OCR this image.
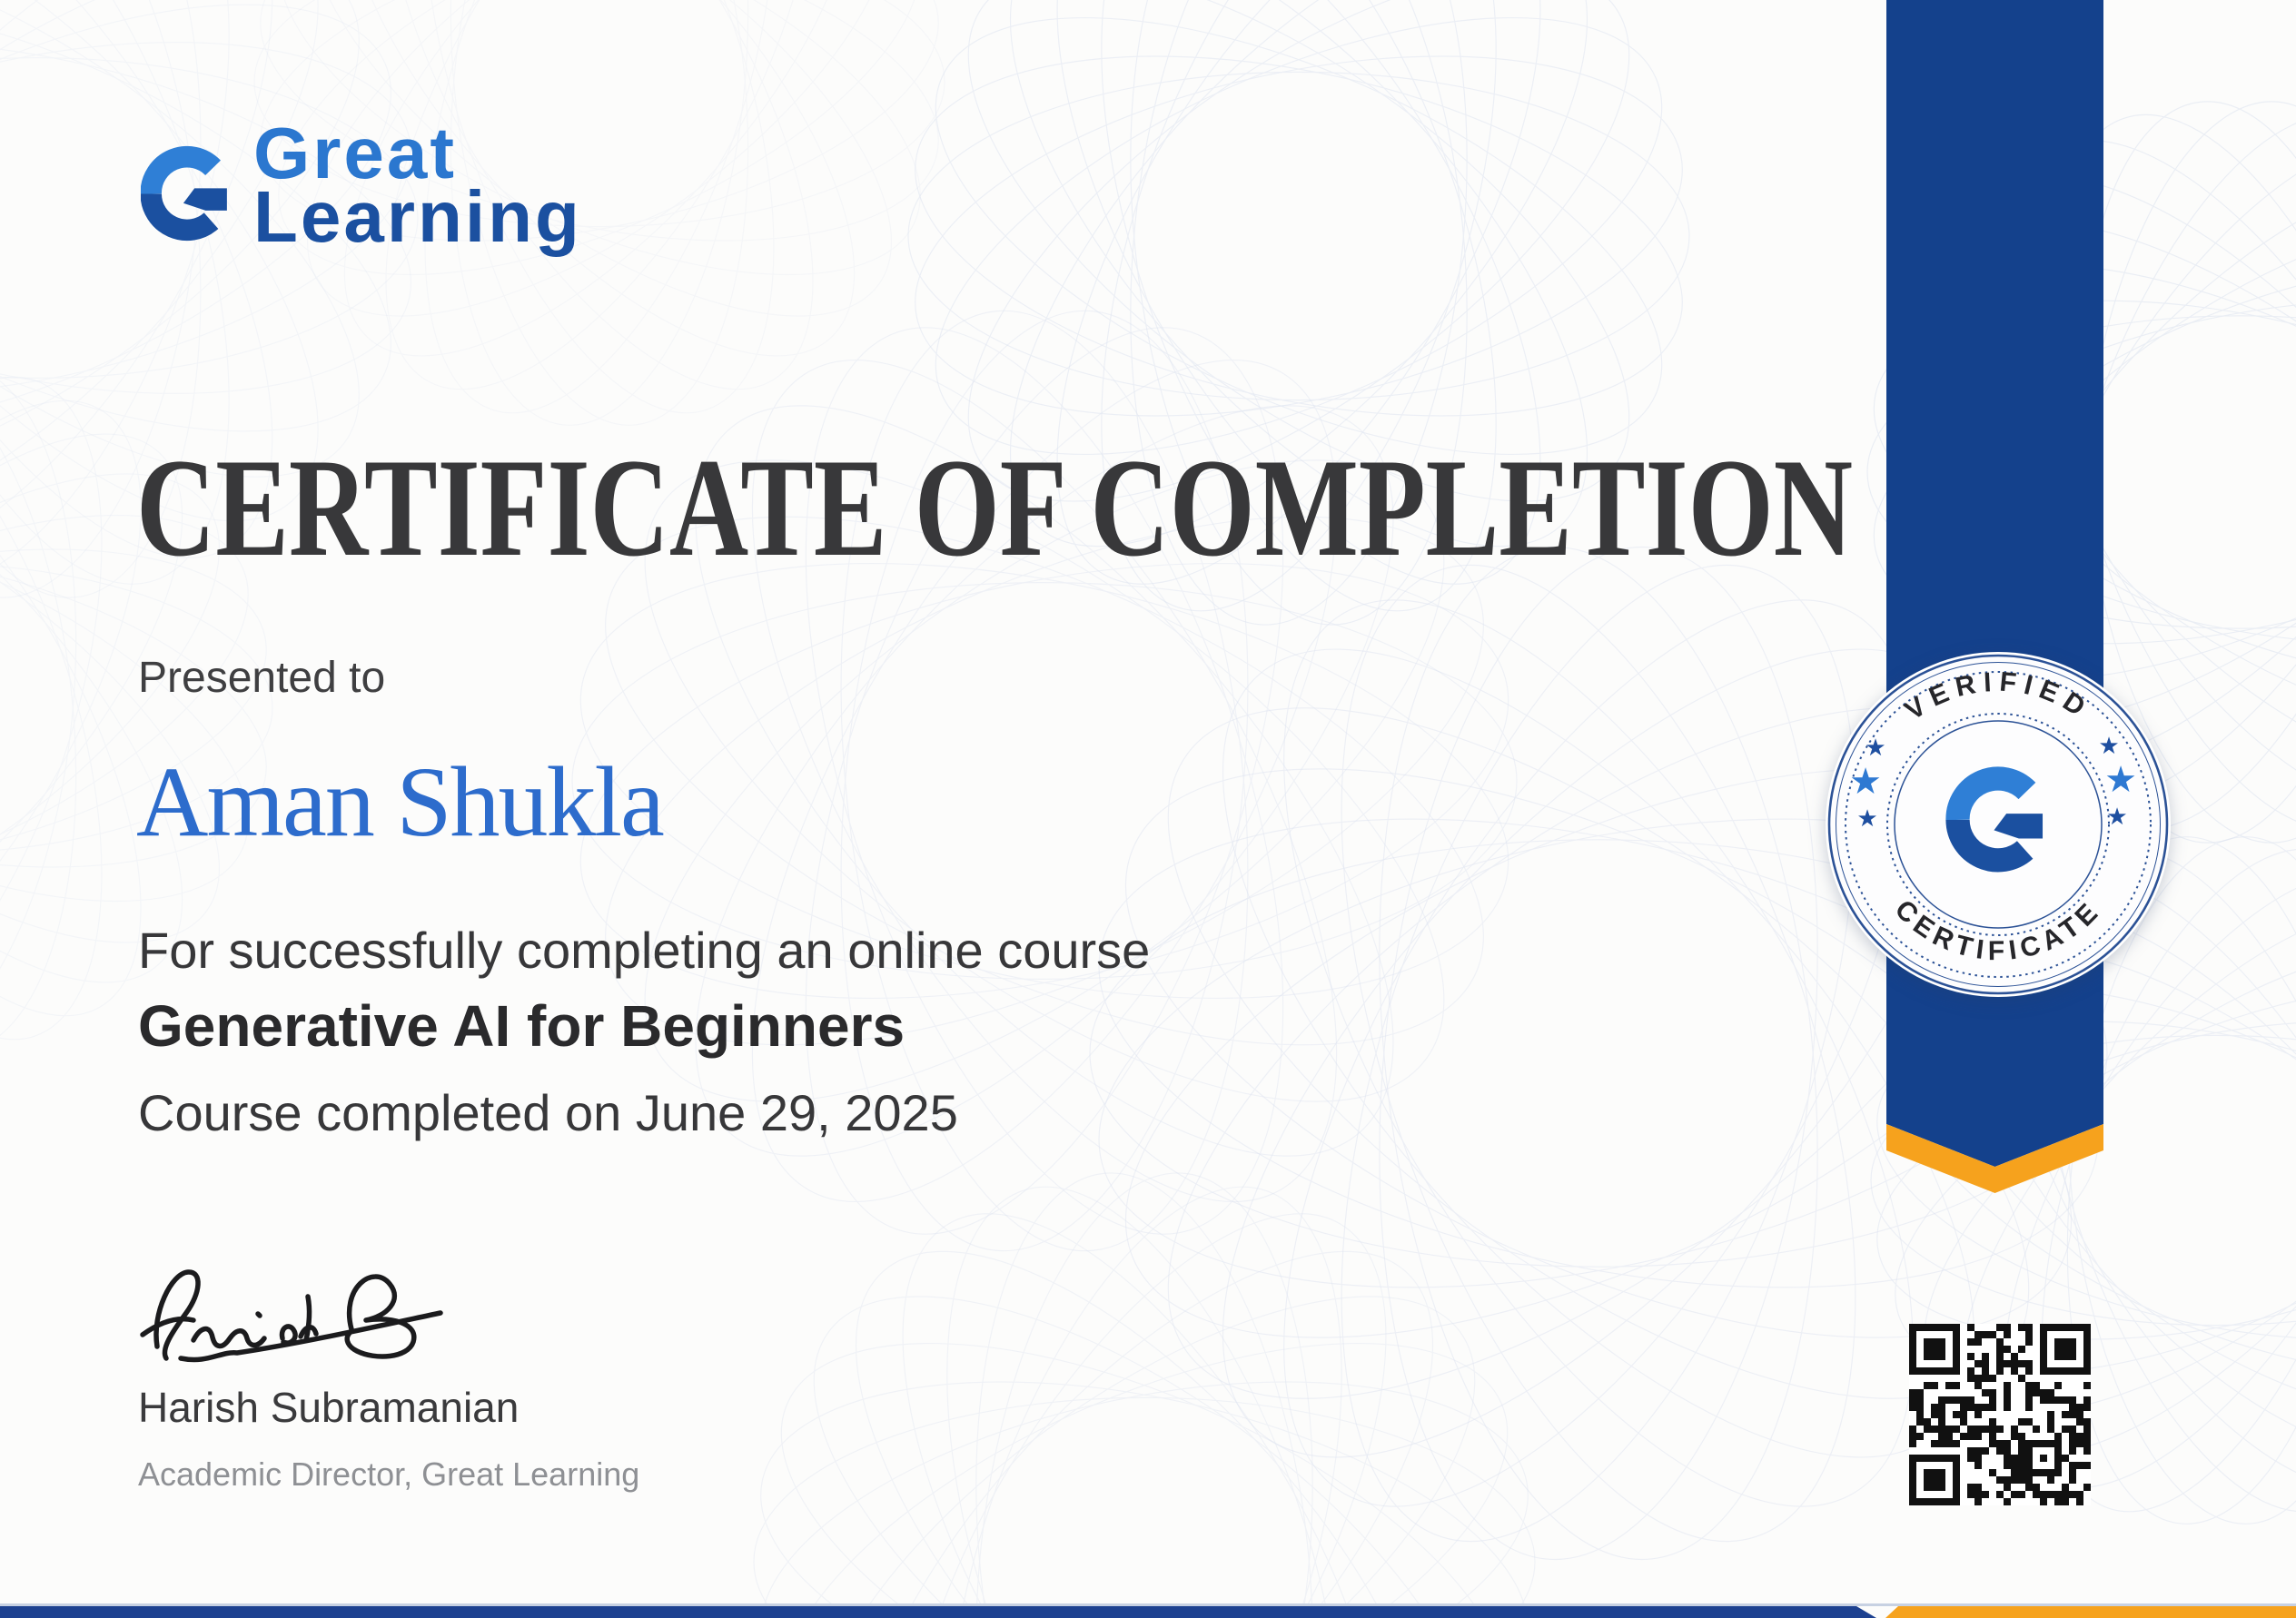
Great
Learning
CERTIFICATE OF COMPLETION
Presented to
Aman Shukla
For successfully completing an online course
Generative AI for Beginners
Course completed on June 29, 2025
Harish Subramanian
Academic Director, Great Learning
VERIFIED
CERTIFICATE
★
★
★
★
★
★
